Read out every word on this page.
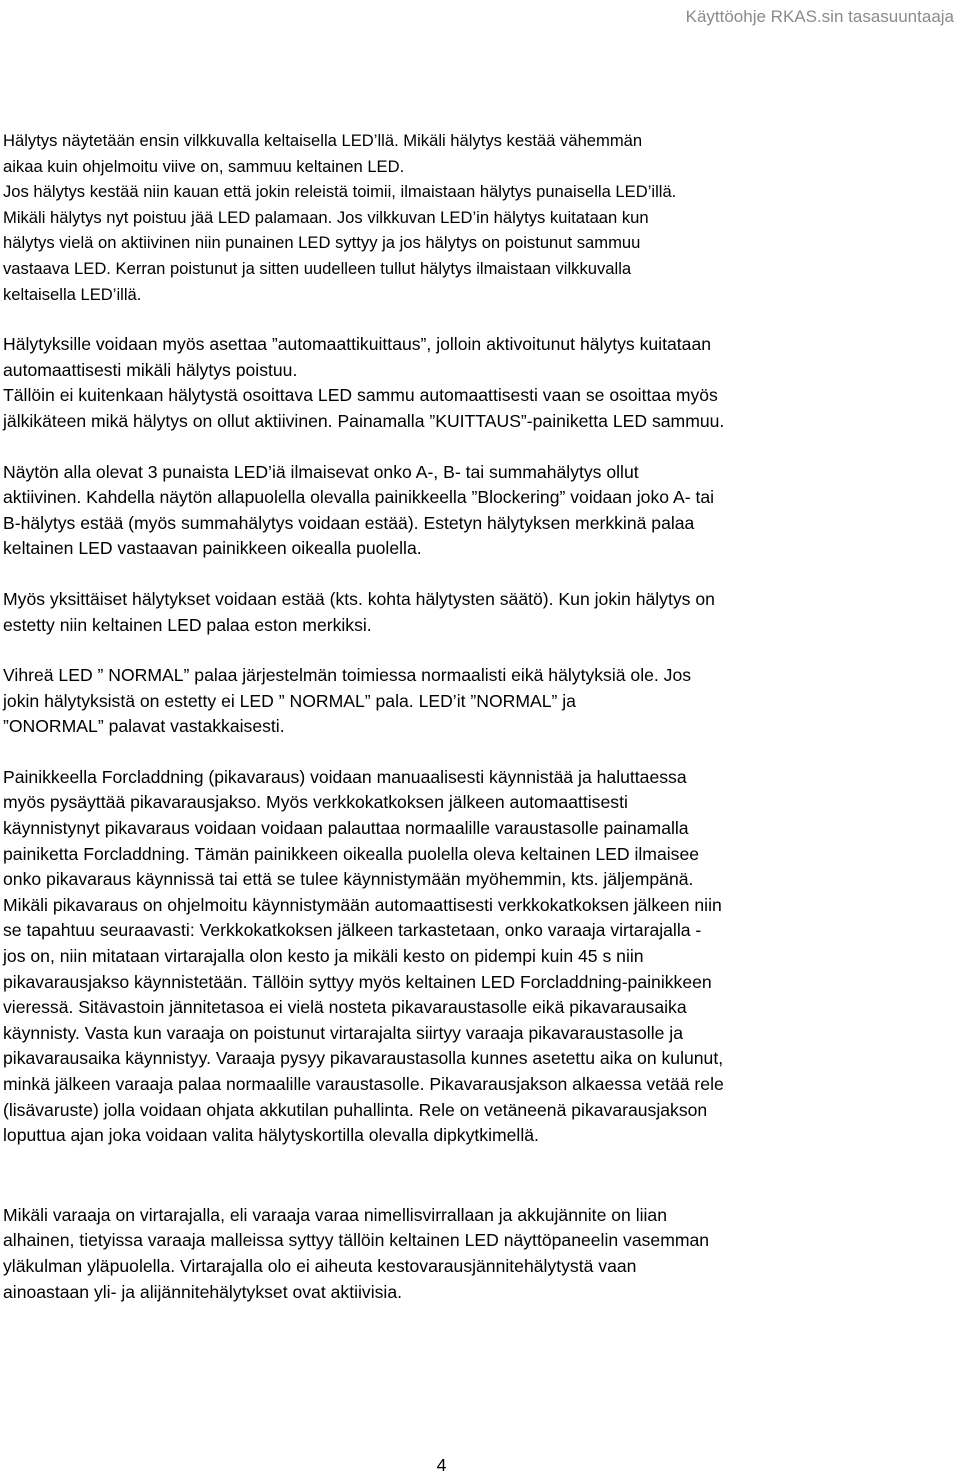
Käyttöohje RKAS.sin tasasuuntaaja

Hälytys näytetään ensin vilkkuvalla keltaisella LED’llä. Mikäli hälytys kestää vähemmän
aikaa kuin ohjelmoitu viive on, sammuu keltainen LED.
Jos hälytys kestää niin kauan että jokin releistä toimii, ilmaistaan hälytys punaisella LED’illä.
Mikäli hälytys nyt poistuu jää LED palamaan. Jos vilkkuvan LED’in hälytys kuitataan kun
hälytys vielä on aktiivinen niin punainen LED syttyy ja jos hälytys on poistunut sammuu
vastaava LED. Kerran poistunut ja sitten uudelleen tullut hälytys ilmaistaan vilkkuvalla
keltaisella LED’illä.

Hälytyksille voidaan myös asettaa ”automaattikuittaus”, jolloin aktivoitunut hälytys kuitataan
automaattisesti mikäli hälytys poistuu.
Tällöin ei kuitenkaan hälytystä osoittava LED sammu automaattisesti vaan se osoittaa myös
jälkikäteen mikä hälytys on ollut aktiivinen. Painamalla ”KUITTAUS”-painiketta LED sammuu.

Näytön alla olevat 3 punaista LED’iä ilmaisevat onko A-, B- tai summahälytys ollut
aktiivinen. Kahdella näytön allapuolella olevalla painikkeella ”Blockering” voidaan joko A- tai
B-hälytys estää (myös summahälytys voidaan estää). Estetyn hälytyksen merkkinä palaa
keltainen LED vastaavan painikkeen oikealla puolella.

Myös yksittäiset hälytykset voidaan estää (kts. kohta hälytysten säätö). Kun jokin hälytys on
estetty niin keltainen LED palaa eston merkiksi.

Vihreä LED ” NORMAL” palaa järjestelmän toimiessa normaalisti eikä hälytyksiä ole. Jos
jokin hälytyksistä on estetty ei LED ” NORMAL” pala. LED’it ”NORMAL” ja
”ONORMAL” palavat vastakkaisesti.

Painikkeella Forcladdning (pikavaraus) voidaan manuaalisesti käynnistää ja haluttaessa
myös pysäyttää pikavarausjakso. Myös verkkokatkoksen jälkeen automaattisesti
käynnistynyt pikavaraus voidaan voidaan palauttaa normaalille varaustasolle painamalla
painiketta Forcladdning. Tämän painikkeen oikealla puolella oleva keltainen LED ilmaisee
onko pikavaraus käynnissä tai että se tulee käynnistymään myöhemmin, kts. jäljempänä.
Mikäli pikavaraus on ohjelmoitu käynnistymään automaattisesti verkkokatkoksen jälkeen niin
se tapahtuu seuraavasti: Verkkokatkoksen jälkeen tarkastetaan, onko varaaja virtarajalla -
jos on, niin mitataan virtarajalla olon kesto ja mikäli kesto on pidempi kuin 45 s niin
pikavarausjakso käynnistetään. Tällöin syttyy myös keltainen LED Forcladdning-painikkeen
vieressä. Sitävastoin jännitetasoa ei vielä nosteta pikavaraustasolle eikä pikavarausaika
käynnisty. Vasta kun varaaja on poistunut virtarajalta siirtyy varaaja pikavaraustasolle ja
pikavarausaika käynnistyy. Varaaja pysyy pikavaraustasolla kunnes asetettu aika on kulunut,
minkä jälkeen varaaja palaa normaalille varaustasolle. Pikavarausjakson alkaessa vetää rele
(lisävaruste) jolla voidaan ohjata akkutilan puhallinta. Rele on vetäneenä pikavarausjakson
loputtua ajan joka voidaan valita hälytyskortilla olevalla dipkytkimellä.

Mikäli varaaja on virtarajalla, eli varaaja varaa nimellisvirrallaan ja akkujännite on liian
alhainen, tietyissa varaaja malleissa syttyy tällöin keltainen LED näyttöpaneelin vasemman
yläkulman yläpuolella. Virtarajalla olo ei aiheuta kestovarausjännitehälytystä vaan
ainoastaan yli- ja alijännitehälytykset ovat aktiivisia.

4
